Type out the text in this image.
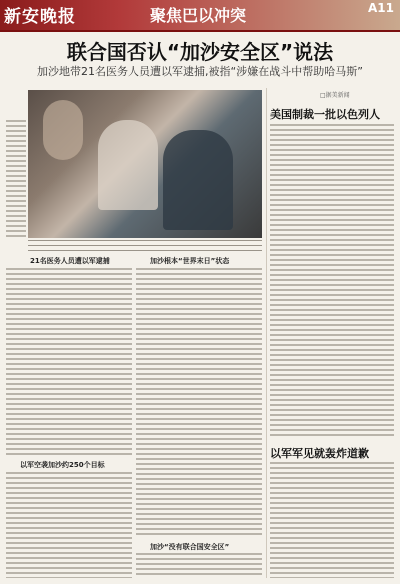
新安晚报	聚焦巴以冲突	A11
联合国否认“加沙安全区”说法
加沙地带21名医务人员遭以军逮捕,被指“涉嫌在战斗中帮助哈马斯”
21名医务人员遭以军逮捕
以军空袭加沙约250个目标
加沙根本“世界末日”状态
加沙“没有联合国安全区”
□据美新闻
美国制裁一批以色列人
以军军见就轰炸道歉
